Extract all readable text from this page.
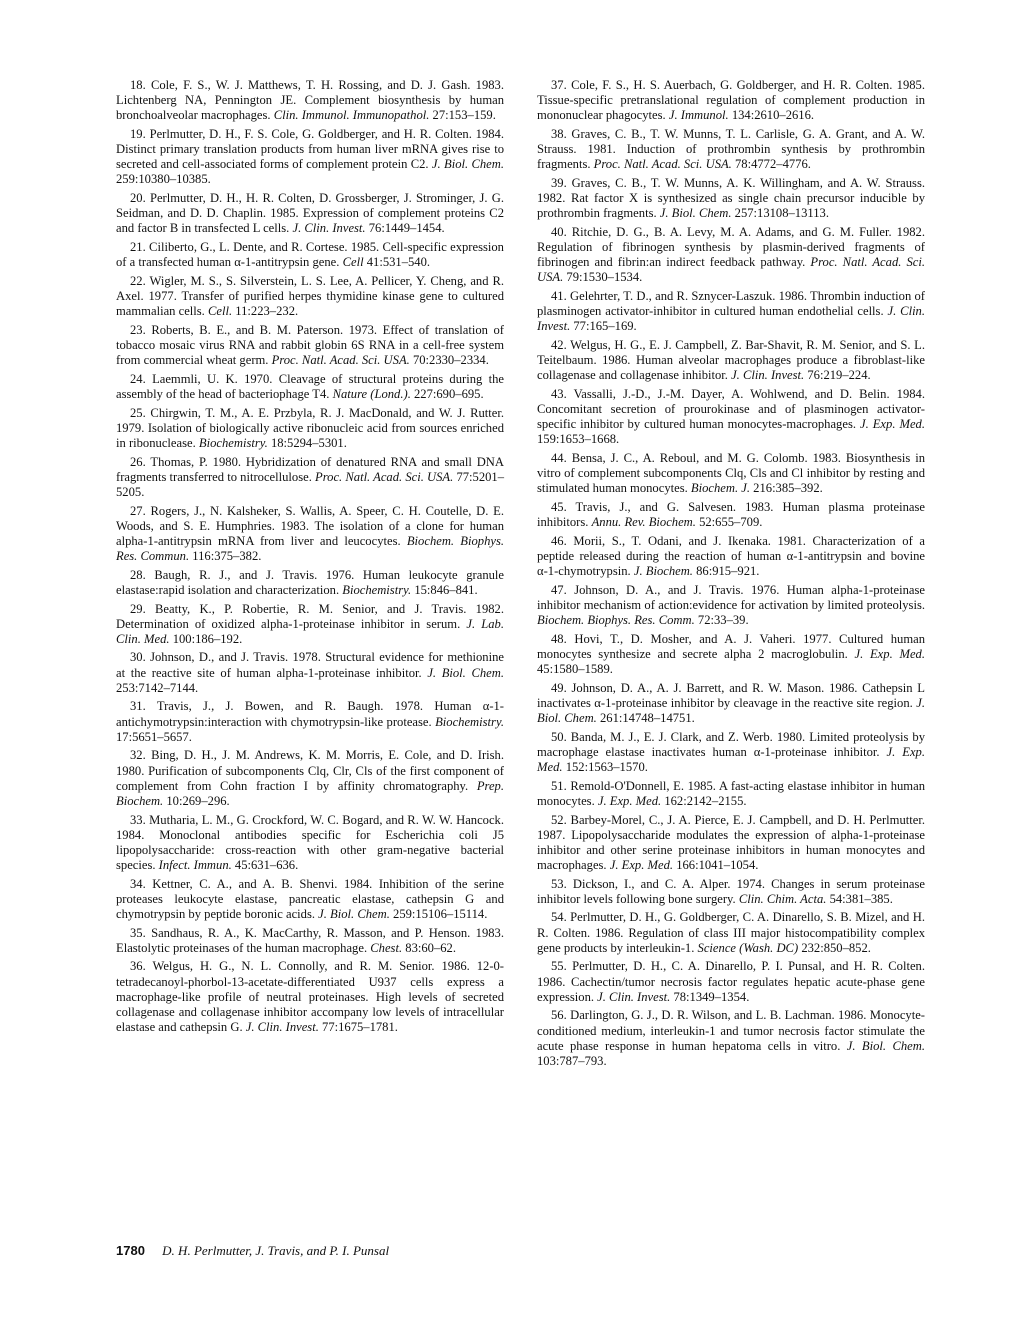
18. Cole, F. S., W. J. Matthews, T. H. Rossing, and D. J. Gash. 1983. Lichtenberg NA, Pennington JE. Complement biosynthesis by human bronchoalveolar macrophages. Clin. Immunol. Immunopathol. 27:153–159.

19. Perlmutter, D. H., F. S. Cole, G. Goldberger, and H. R. Colten. 1984. Distinct primary translation products from human liver mRNA gives rise to secreted and cell-associated forms of complement protein C2. J. Biol. Chem. 259:10380–10385.

20. Perlmutter, D. H., H. R. Colten, D. Grossberger, J. Strominger, J. G. Seidman, and D. D. Chaplin. 1985. Expression of complement proteins C2 and factor B in transfected L cells. J. Clin. Invest. 76:1449–1454.

21. Ciliberto, G., L. Dente, and R. Cortese. 1985. Cell-specific expression of a transfected human α-1-antitrypsin gene. Cell 41:531–540.

22. Wigler, M. S., S. Silverstein, L. S. Lee, A. Pellicer, Y. Cheng, and R. Axel. 1977. Transfer of purified herpes thymidine kinase gene to cultured mammalian cells. Cell. 11:223–232.

23. Roberts, B. E., and B. M. Paterson. 1973. Effect of translation of tobacco mosaic virus RNA and rabbit globin 6S RNA in a cell-free system from commercial wheat germ. Proc. Natl. Acad. Sci. USA. 70:2330–2334.

24. Laemmli, U. K. 1970. Cleavage of structural proteins during the assembly of the head of bacteriophage T4. Nature (Lond.). 227:690–695.

25. Chirgwin, T. M., A. E. Przbyla, R. J. MacDonald, and W. J. Rutter. 1979. Isolation of biologically active ribonucleic acid from sources enriched in ribonuclease. Biochemistry. 18:5294–5301.

26. Thomas, P. 1980. Hybridization of denatured RNA and small DNA fragments transferred to nitrocellulose. Proc. Natl. Acad. Sci. USA. 77:5201–5205.

27. Rogers, J., N. Kalsheker, S. Wallis, A. Speer, C. H. Coutelle, D. E. Woods, and S. E. Humphries. 1983. The isolation of a clone for human alpha-1-antitrypsin mRNA from liver and leucocytes. Biochem. Biophys. Res. Commun. 116:375–382.

28. Baugh, R. J., and J. Travis. 1976. Human leukocyte granule elastase:rapid isolation and characterization. Biochemistry. 15:846–841.

29. Beatty, K., P. Robertie, R. M. Senior, and J. Travis. 1982. Determination of oxidized alpha-1-proteinase inhibitor in serum. J. Lab. Clin. Med. 100:186–192.

30. Johnson, D., and J. Travis. 1978. Structural evidence for methionine at the reactive site of human alpha-1-proteinase inhibitor. J. Biol. Chem. 253:7142–7144.

31. Travis, J., J. Bowen, and R. Baugh. 1978. Human α-1-antichymotrypsin:interaction with chymotrypsin-like protease. Biochemistry. 17:5651–5657.

32. Bing, D. H., J. M. Andrews, K. M. Morris, E. Cole, and D. Irish. 1980. Purification of subcomponents Clq, Clr, Cls of the first component of complement from Cohn fraction I by affinity chromatography. Prep. Biochem. 10:269–296.

33. Mutharia, L. M., G. Crockford, W. C. Bogard, and R. W. W. Hancock. 1984. Monoclonal antibodies specific for Escherichia coli J5 lipopolysaccharide: cross-reaction with other gram-negative bacterial species. Infect. Immun. 45:631–636.

34. Kettner, C. A., and A. B. Shenvi. 1984. Inhibition of the serine proteases leukocyte elastase, pancreatic elastase, cathepsin G and chymotrypsin by peptide boronic acids. J. Biol. Chem. 259:15106–15114.

35. Sandhaus, R. A., K. MacCarthy, R. Masson, and P. Henson. 1983. Elastolytic proteinases of the human macrophage. Chest. 83:60–62.

36. Welgus, H. G., N. L. Connolly, and R. M. Senior. 1986. 12-0-tetradecanoyl-phorbol-13-acetate-differentiated U937 cells express a macrophage-like profile of neutral proteinases. High levels of secreted collagenase and collagenase inhibitor accompany low levels of intracellular elastase and cathepsin G. J. Clin. Invest. 77:1675–1781.

37. Cole, F. S., H. S. Auerbach, G. Goldberger, and H. R. Colten. 1985. Tissue-specific pretranslational regulation of complement production in mononuclear phagocytes. J. Immunol. 134:2610–2616.

38. Graves, C. B., T. W. Munns, T. L. Carlisle, G. A. Grant, and A. W. Strauss. 1981. Induction of prothrombin synthesis by prothrombin fragments. Proc. Natl. Acad. Sci. USA. 78:4772–4776.

39. Graves, C. B., T. W. Munns, A. K. Willingham, and A. W. Strauss. 1982. Rat factor X is synthesized as single chain precursor inducible by prothrombin fragments. J. Biol. Chem. 257:13108–13113.

40. Ritchie, D. G., B. A. Levy, M. A. Adams, and G. M. Fuller. 1982. Regulation of fibrinogen synthesis by plasmin-derived fragments of fibrinogen and fibrin:an indirect feedback pathway. Proc. Natl. Acad. Sci. USA. 79:1530–1534.

41. Gelehrter, T. D., and R. Sznycer-Laszuk. 1986. Thrombin induction of plasminogen activator-inhibitor in cultured human endothelial cells. J. Clin. Invest. 77:165–169.

42. Welgus, H. G., E. J. Campbell, Z. Bar-Shavit, R. M. Senior, and S. L. Teitelbaum. 1986. Human alveolar macrophages produce a fibroblast-like collagenase and collagenase inhibitor. J. Clin. Invest. 76:219–224.

43. Vassalli, J.-D., J.-M. Dayer, A. Wohlwend, and D. Belin. 1984. Concomitant secretion of prourokinase and of plasminogen activator-specific inhibitor by cultured human monocytes-macrophages. J. Exp. Med. 159:1653–1668.

44. Bensa, J. C., A. Reboul, and M. G. Colomb. 1983. Biosynthesis in vitro of complement subcomponents Clq, Cls and Cl inhibitor by resting and stimulated human monocytes. Biochem. J. 216:385–392.

45. Travis, J., and G. Salvesen. 1983. Human plasma proteinase inhibitors. Annu. Rev. Biochem. 52:655–709.

46. Morii, S., T. Odani, and J. Ikenaka. 1981. Characterization of a peptide released during the reaction of human α-1-antitrypsin and bovine α-1-chymotrypsin. J. Biochem. 86:915–921.

47. Johnson, D. A., and J. Travis. 1976. Human alpha-1-proteinase inhibitor mechanism of action:evidence for activation by limited proteolysis. Biochem. Biophys. Res. Comm. 72:33–39.

48. Hovi, T., D. Mosher, and A. J. Vaheri. 1977. Cultured human monocytes synthesize and secrete alpha 2 macroglobulin. J. Exp. Med. 45:1580–1589.

49. Johnson, D. A., A. J. Barrett, and R. W. Mason. 1986. Cathepsin L inactivates α-1-proteinase inhibitor by cleavage in the reactive site region. J. Biol. Chem. 261:14748–14751.

50. Banda, M. J., E. J. Clark, and Z. Werb. 1980. Limited proteolysis by macrophage elastase inactivates human α-1-proteinase inhibitor. J. Exp. Med. 152:1563–1570.

51. Remold-O'Donnell, E. 1985. A fast-acting elastase inhibitor in human monocytes. J. Exp. Med. 162:2142–2155.

52. Barbey-Morel, C., J. A. Pierce, E. J. Campbell, and D. H. Perlmutter. 1987. Lipopolysaccharide modulates the expression of alpha-1-proteinase inhibitor and other serine proteinase inhibitors in human monocytes and macrophages. J. Exp. Med. 166:1041–1054.

53. Dickson, I., and C. A. Alper. 1974. Changes in serum proteinase inhibitor levels following bone surgery. Clin. Chim. Acta. 54:381–385.

54. Perlmutter, D. H., G. Goldberger, C. A. Dinarello, S. B. Mizel, and H. R. Colten. 1986. Regulation of class III major histocompatibility complex gene products by interleukin-1. Science (Wash. DC) 232:850–852.

55. Perlmutter, D. H., C. A. Dinarello, P. I. Punsal, and H. R. Colten. 1986. Cachectin/tumor necrosis factor regulates hepatic acute-phase gene expression. J. Clin. Invest. 78:1349–1354.

56. Darlington, G. J., D. R. Wilson, and L. B. Lachman. 1986. Monocyte-conditioned medium, interleukin-1 and tumor necrosis factor stimulate the acute phase response in human hepatoma cells in vitro. J. Biol. Chem. 103:787–793.

1780 D. H. Perlmutter, J. Travis, and P. I. Punsal
